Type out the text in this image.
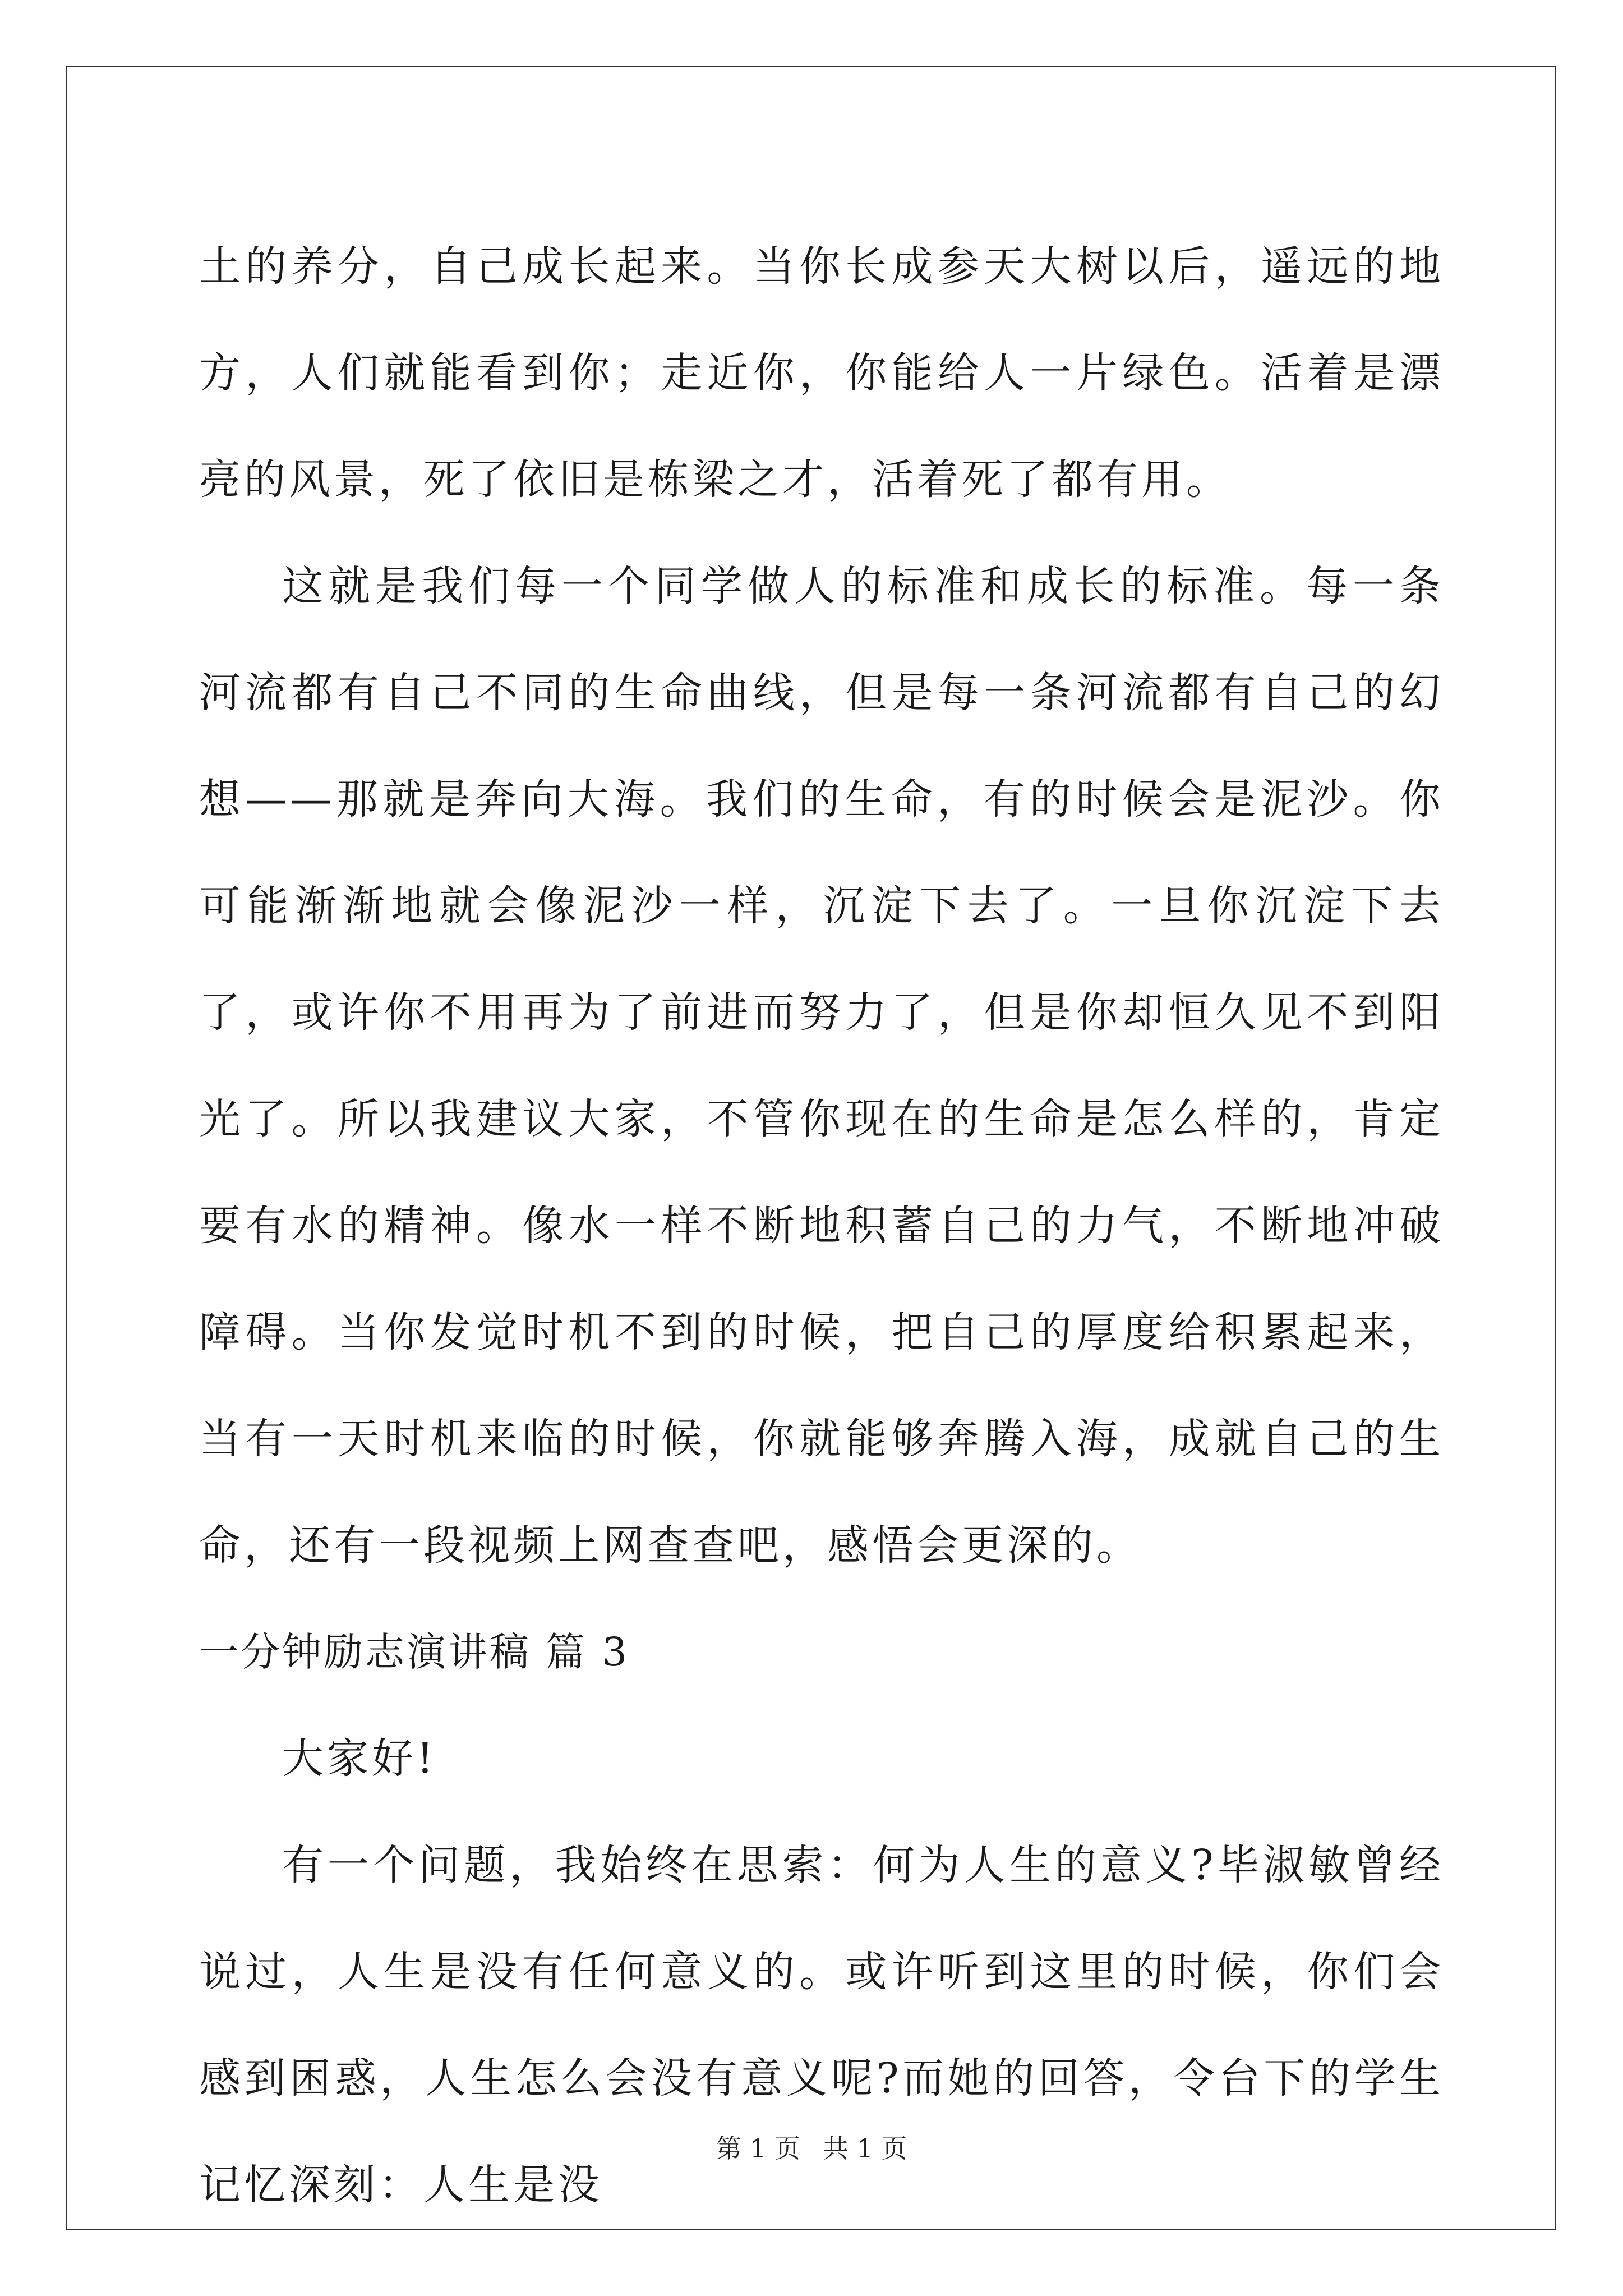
土的养分，自己成长起来。当你长成参天大树以后，遥远的地方，人们就能看到你；走近你，你能给人一片绿色。活着是漂亮的风景，死了依旧是栋梁之才，活着死了都有用。

这就是我们每一个同学做人的标准和成长的标准。每一条河流都有自己不同的生命曲线，但是每一条河流都有自己的幻想——那就是奔向大海。我们的生命，有的时候会是泥沙。你可能渐渐地就会像泥沙一样，沉淀下去了。一旦你沉淀下去了，或许你不用再为了前进而努力了，但是你却恒久见不到阳光了。所以我建议大家，不管你现在的生命是怎么样的，肯定要有水的精神。像水一样不断地积蓄自己的力气，不断地冲破障碍。当你发觉时机不到的时候，把自己的厚度给积累起来，当有一天时机来临的时候，你就能够奔腾入海，成就自己的生命，还有一段视频上网查查吧，感悟会更深的。

一分钟励志演讲稿 篇 3

大家好!

有一个问题，我始终在思索：何为人生的意义?毕淑敏曾经说过，人生是没有任何意义的。或许听到这里的时候，你们会感到困惑，人生怎么会没有意义呢?而她的回答，令台下的学生记忆深刻：人生是没

第 1 页 共 1 页
